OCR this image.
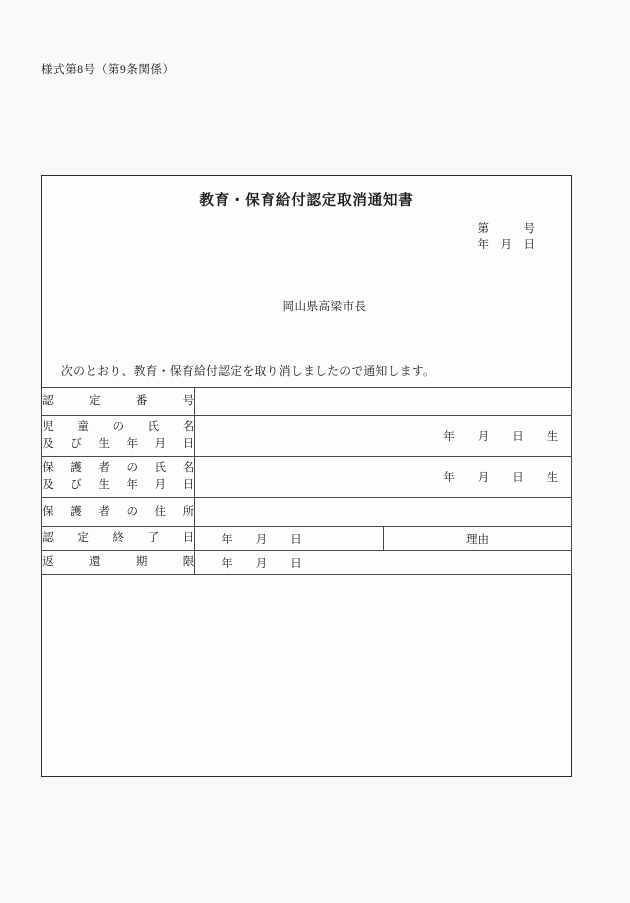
様式第8号（第9条関係）
教育・保育給付認定取消通知書
第　　　号
年　月　日
岡山県高梁市長
次のとおり、教育・保育給付認定を取り消しましたので通知します。
認　定　番　号		

児　童　の　氏　名
及　び　生　年　月　日	年　　月　　日　　生	

保　護　者　の　氏　名
及　び　生　年　月　日	年　　月　　日　　生	

保　護　者　の　住　所		

認　定　終　了　日	年　　月　　日	理由

返　還　期　限	年　　月　　日	
